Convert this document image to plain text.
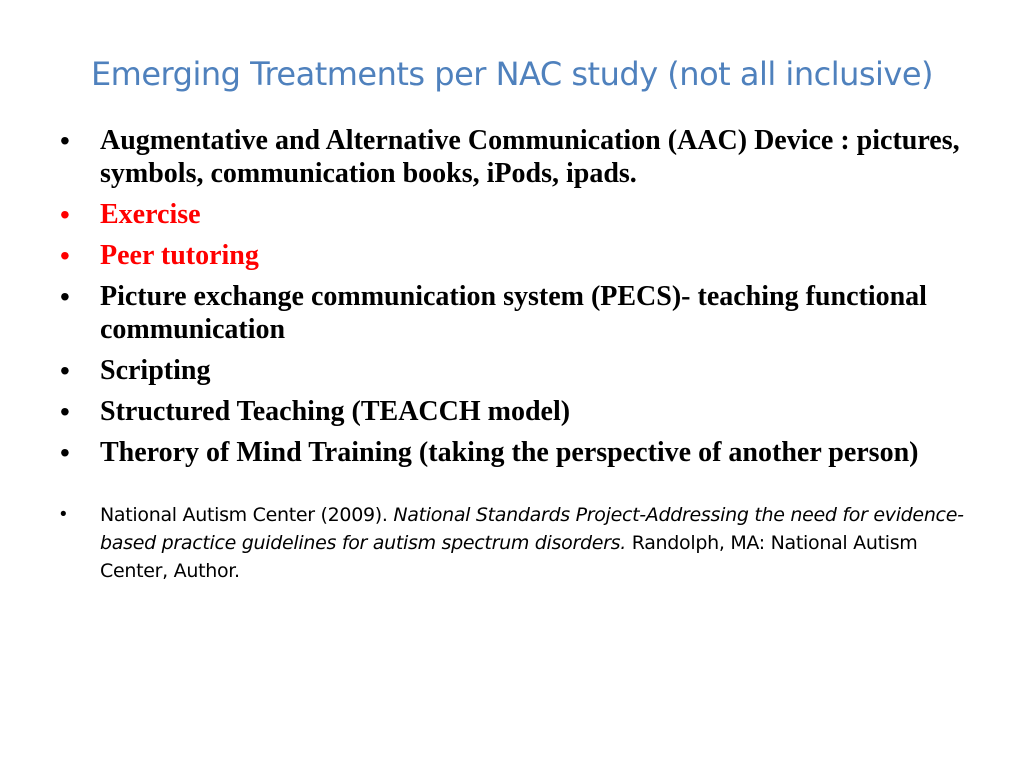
Emerging Treatments per NAC study (not all inclusive)
• Augmentative and Alternative Communication (AAC) Device : pictures, symbols, communication books, iPods, ipads.
• Exercise
• Peer tutoring
• Picture exchange communication system (PECS)- teaching functional communication
• Scripting
• Structured Teaching (TEACCH model)
• Therory of Mind Training (taking the perspective of another person)
• National Autism Center (2009). National Standards Project-Addressing the need for evidence-based practice guidelines for autism spectrum disorders. Randolph, MA: National Autism Center, Author.
